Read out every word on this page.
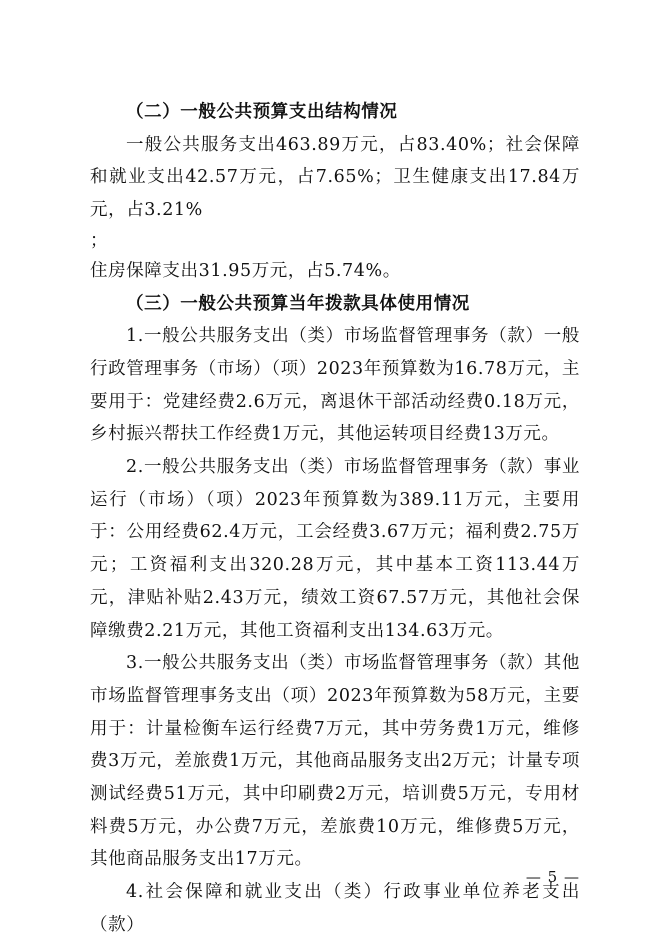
（二）一般公共预算支出结构情况

一般公共服务支出463.89万元，占83.40%；社会保障和就业支出42.57万元，占7.65%；卫生健康支出17.84万元，占3.21%

；

住房保障支出31.95万元，占5.74%。

（三）一般公共预算当年拨款具体使用情况

1.一般公共服务支出（类）市场监督管理事务（款）一般行政管理事务（市场）（项）2023年预算数为16.78万元，主要用于：党建经费2.6万元，离退休干部活动经费0.18万元，乡村振兴帮扶工作经费1万元，其他运转项目经费13万元。

2.一般公共服务支出（类）市场监督管理事务（款）事业运行（市场）（项）2023年预算数为389.11万元，主要用于：公用经费62.4万元，工会经费3.67万元；福利费2.75万元；工资福利支出320.28万元，其中基本工资113.44万元，津贴补贴2.43万元，绩效工资67.57万元，其他社会保障缴费2.21万元，其他工资福利支出134.63万元。

3.一般公共服务支出（类）市场监督管理事务（款）其他市场监督管理事务支出（项）2023年预算数为58万元，主要用于：计量检衡车运行经费7万元，其中劳务费1万元，维修费3万元，差旅费1万元，其他商品服务支出2万元；计量专项测试经费51万元，其中印刷费2万元，培训费5万元，专用材料费5万元，办公费7万元，差旅费10万元，维修费5万元，其他商品服务支出17万元。

4.社会保障和就业支出（类）行政事业单位养老支出（款）

— 5 —
